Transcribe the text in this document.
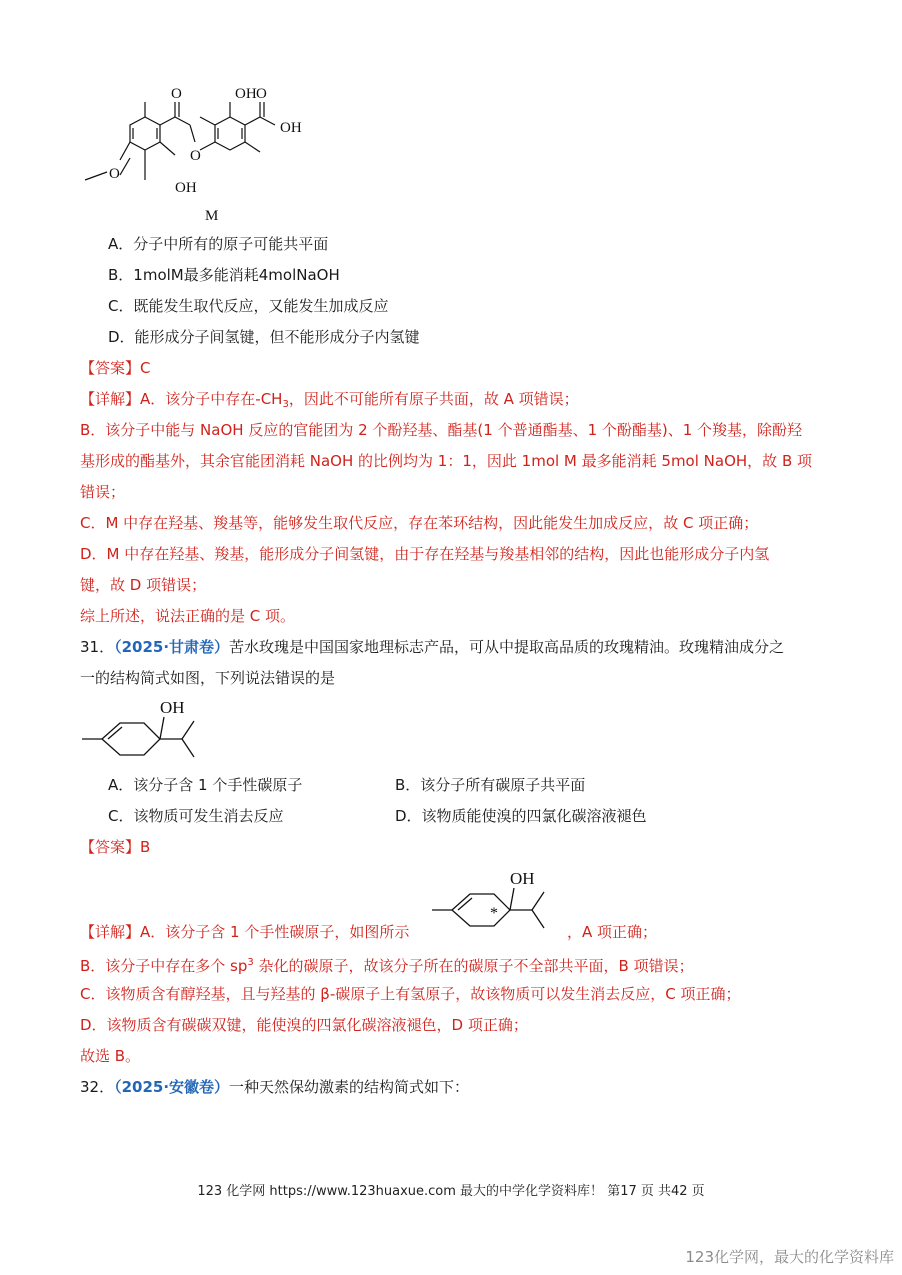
OH
OH
O
O
O
O
OH
M
A．分子中所有的原子可能共平面
B．1molM最多能消耗4molNaOH
C．既能发生取代反应，又能发生加成反应
D．能形成分子间氢键，但不能形成分子内氢键
【答案】C
【详解】A．该分子中存在$-CH_3$，因此不可能所有原子共面，故 A 项错误；
B．该分子中能与 NaOH 反应的官能团为 2 个酚羟基、酯基(1 个普通酯基、1 个酚酯基)、1 个羧基，除酚羟
基形成的酯基外，其余官能团消耗 NaOH 的比例均为 1：1，因此 1mol M 最多能消耗 5mol NaOH，故 B 项
错误；
C．M 中存在羟基、羧基等，能够发生取代反应，存在苯环结构，因此能发生加成反应，故 C 项正确；
D．M 中存在羟基、羧基，能形成分子间氢键，由于存在羟基与羧基相邻的结构，因此也能形成分子内氢
键，故 D 项错误；
综上所述，说法正确的是 C 项。
31．（2025·甘肃卷）苦水玫瑰是中国国家地理标志产品，可从中提取高品质的玫瑰精油。玫瑰精油成分之
一的结构简式如图，下列说法错误的是
OH
A．该分子含 1 个手性碳原子	B．该分子所有碳原子共平面
C．该物质可发生消去反应	D．该物质能使溴的四氯化碳溶液褪色
【答案】B
【详解】A．该分子含 1 个手性碳原子，如图所示
OH
*
，A 项正确；
B．该分子中存在多个 $sp^3$ 杂化的碳原子，故该分子所在的碳原子不全部共平面，B 项错误；
C．该物质含有醇羟基，且与羟基的 β-碳原子上有氢原子，故该物质可以发生消去反应，C 项正确；
D．该物质含有碳碳双键，能使溴的四氯化碳溶液褪色，D 项正确；
故选 B。
32．（2025·安徽卷）一种天然保幼激素的结构简式如下：
123 化学网 https://www.123huaxue.com 最大的中学化学资料库！ 第17 页 共42 页
123化学网，最大的化学资料库
